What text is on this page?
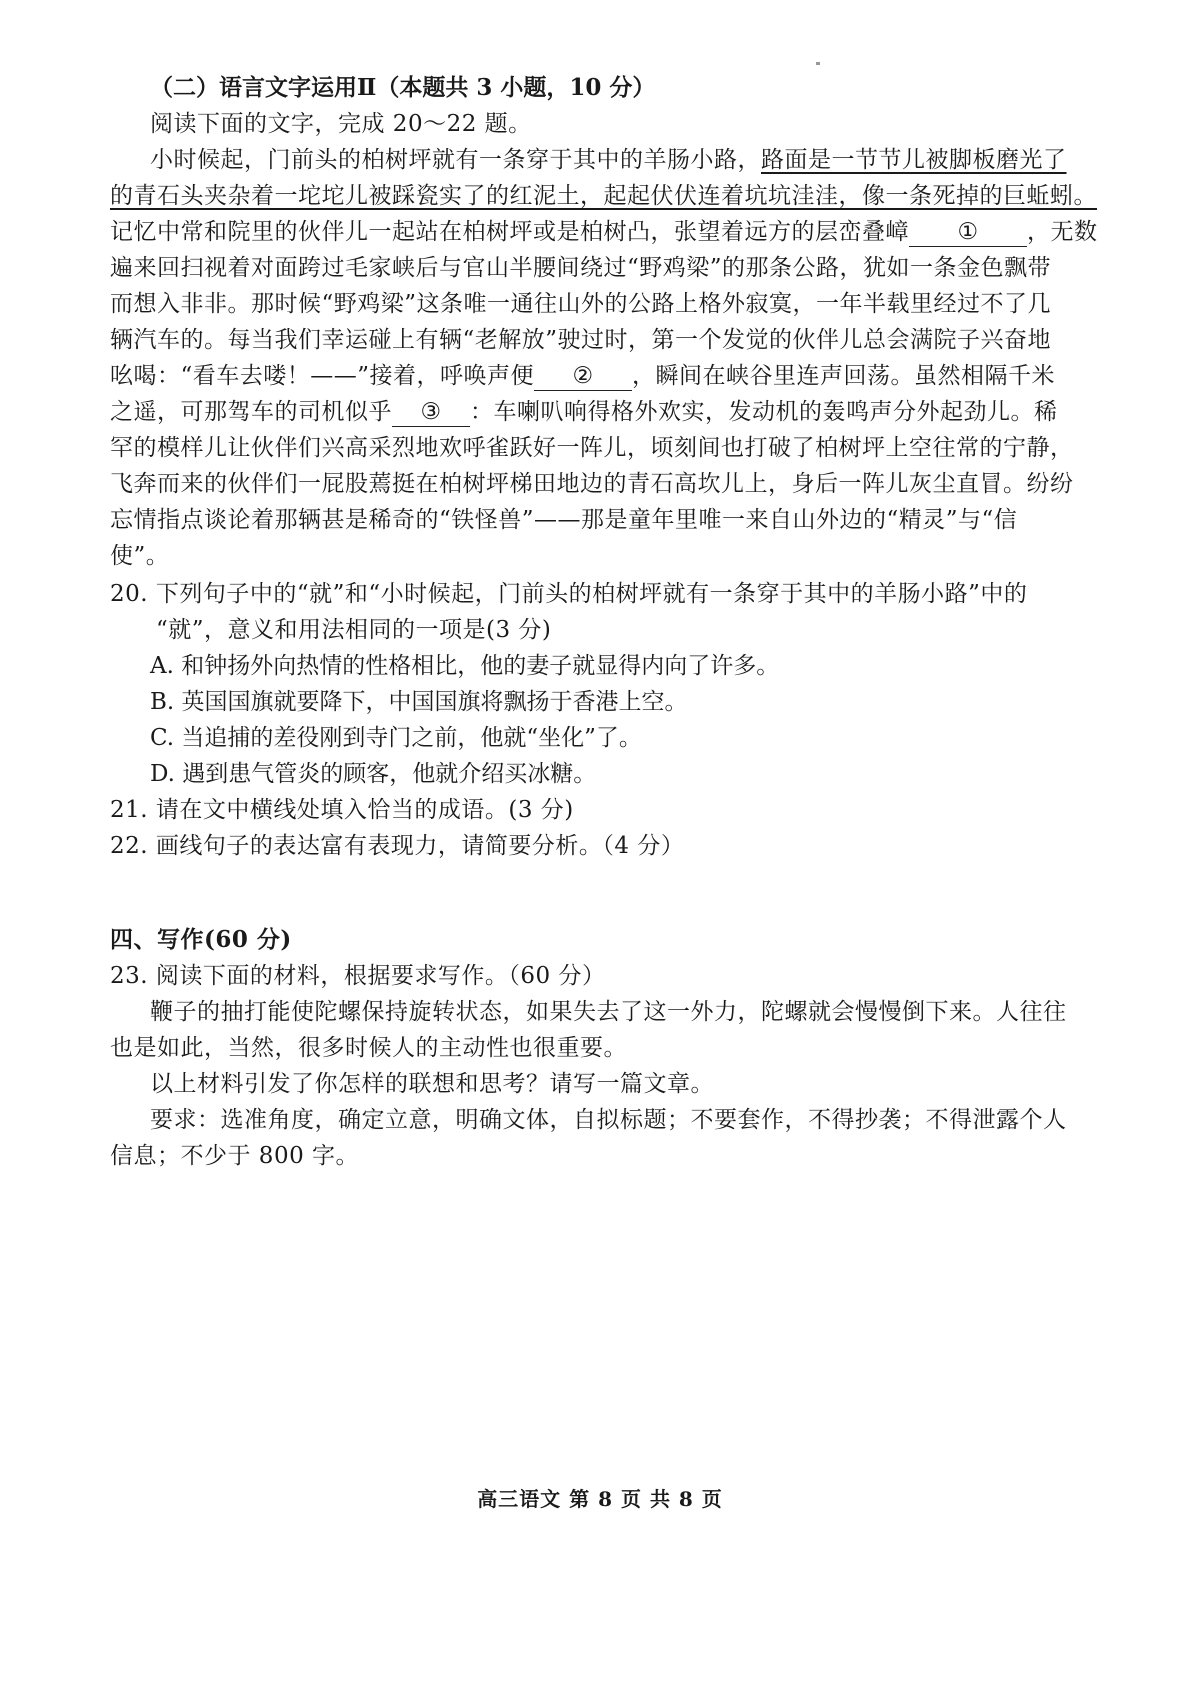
（二）语言文字运用Ⅱ（本题共 3 小题，10 分）
阅读下面的文字，完成 20～22 题。
小时候起，门前头的柏树坪就有一条穿于其中的羊肠小路，路面是一节节儿被脚板磨光了
的青石头夹杂着一坨坨儿被踩瓷实了的红泥土，起起伏伏连着坑坑洼洼，像一条死掉的巨蚯蚓。
记忆中常和院里的伙伴儿一起站在柏树坪或是柏树凸，张望着远方的层峦叠嶂 ① ，无数
遍来回扫视着对面跨过毛家峡后与官山半腰间绕过“野鸡梁”的那条公路，犹如一条金色飘带
而想入非非。那时候“野鸡梁”这条唯一通往山外的公路上格外寂寞，一年半载里经过不了几
辆汽车的。每当我们幸运碰上有辆“老解放”驶过时，第一个发觉的伙伴儿总会满院子兴奋地
吆喝：“看车去喽！——”接着，呼唤声便 ② ，瞬间在峡谷里连声回荡。虽然相隔千米
之遥，可那驾车的司机似乎 ③ ：车喇叭响得格外欢实，发动机的轰鸣声分外起劲儿。稀
罕的模样儿让伙伴们兴高采烈地欢呼雀跃好一阵儿，顷刻间也打破了柏树坪上空往常的宁静，
飞奔而来的伙伴们一屁股蔫挺在柏树坪梯田地边的青石高坎儿上，身后一阵儿灰尘直冒。纷纷
忘情指点谈论着那辆甚是稀奇的“铁怪兽”——那是童年里唯一来自山外边的“精灵”与“信
使”。
20. 下列句子中的“就”和“小时候起，门前头的柏树坪就有一条穿于其中的羊肠小路”中的
“就”，意义和用法相同的一项是(3 分)
A. 和钟扬外向热情的性格相比，他的妻子就显得内向了许多。
B. 英国国旗就要降下，中国国旗将飘扬于香港上空。
C. 当追捕的差役刚到寺门之前，他就“坐化”了。
D. 遇到患气管炎的顾客，他就介绍买冰糖。
21. 请在文中横线处填入恰当的成语。(3 分)
22. 画线句子的表达富有表现力，请简要分析。（4 分）
四、写作(60 分)
23. 阅读下面的材料，根据要求写作。（60 分）
鞭子的抽打能使陀螺保持旋转状态，如果失去了这一外力，陀螺就会慢慢倒下来。人往往
也是如此，当然，很多时候人的主动性也很重要。
以上材料引发了你怎样的联想和思考？请写一篇文章。
要求：选准角度，确定立意，明确文体，自拟标题；不要套作，不得抄袭；不得泄露个人
信息；不少于 800 字。
高三语文 第 8 页 共 8 页
